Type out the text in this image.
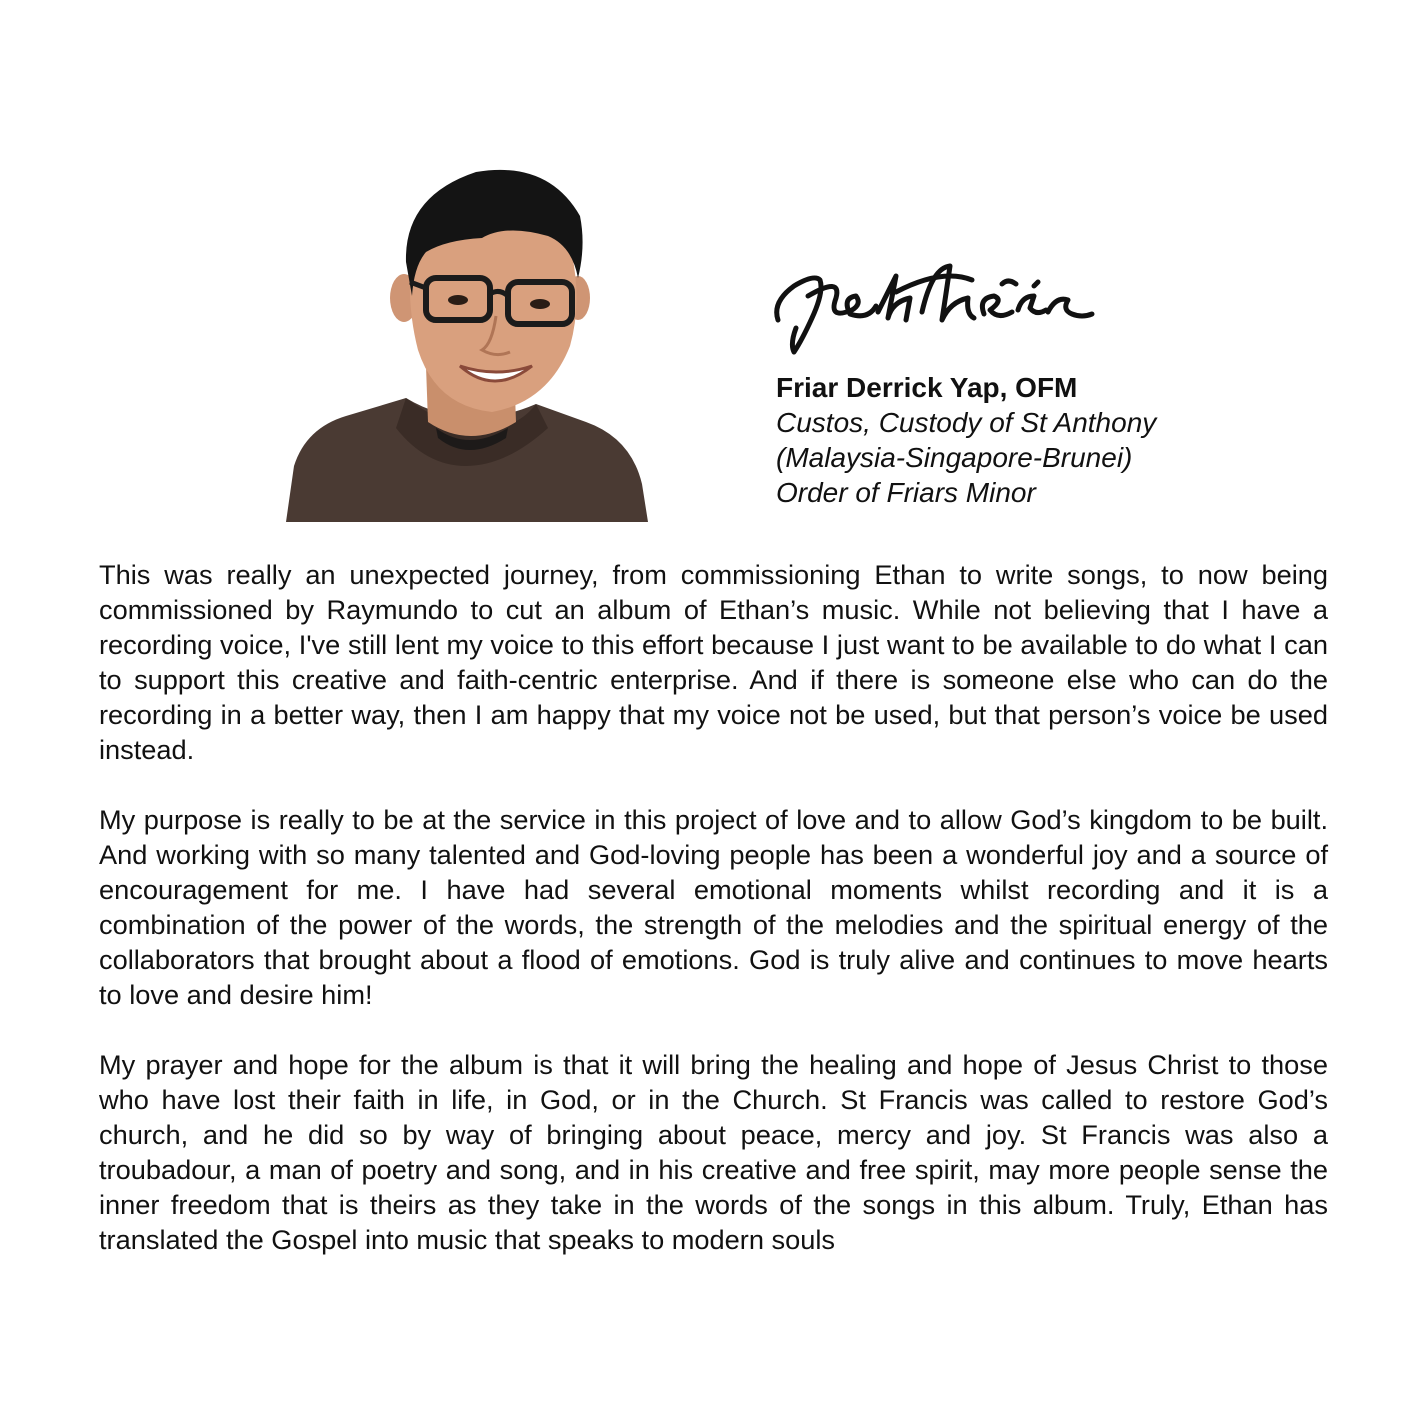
Friar Derrick Yap, OFM
Custos, Custody of St Anthony
(Malaysia-Singapore-Brunei)
Order of Friars Minor

This was really an unexpected journey, from commissioning Ethan to write songs, to now being commissioned by Raymundo to cut an album of Ethan’s music. While not believing that I have a recording voice, I've still lent my voice to this effort because I just want to be available to do what I can to support this creative and faith-centric enterprise. And if there is someone else who can do the recording in a better way, then I am happy that my voice not be used, but that person’s voice be used instead.

My purpose is really to be at the service in this project of love and to allow God’s kingdom to be built. And working with so many talented and God-loving people has been a wonderful joy and a source of encouragement for me. I have had several emotional moments whilst recording and it is a combination of the power of the words, the strength of the melodies and the spiritual energy of the collaborators that brought about a flood of emotions. God is truly alive and continues to move hearts to love and desire him!

My prayer and hope for the album is that it will bring the healing and hope of Jesus Christ to those who have lost their faith in life, in God, or in the Church. St Francis was called to restore God’s church, and he did so by way of bringing about peace, mercy and joy. St Francis was also a troubadour, a man of poetry and song, and in his creative and free spirit, may more people sense the inner freedom that is theirs as they take in the words of the songs in this album. Truly, Ethan has translated the Gospel into music that speaks to modern souls
